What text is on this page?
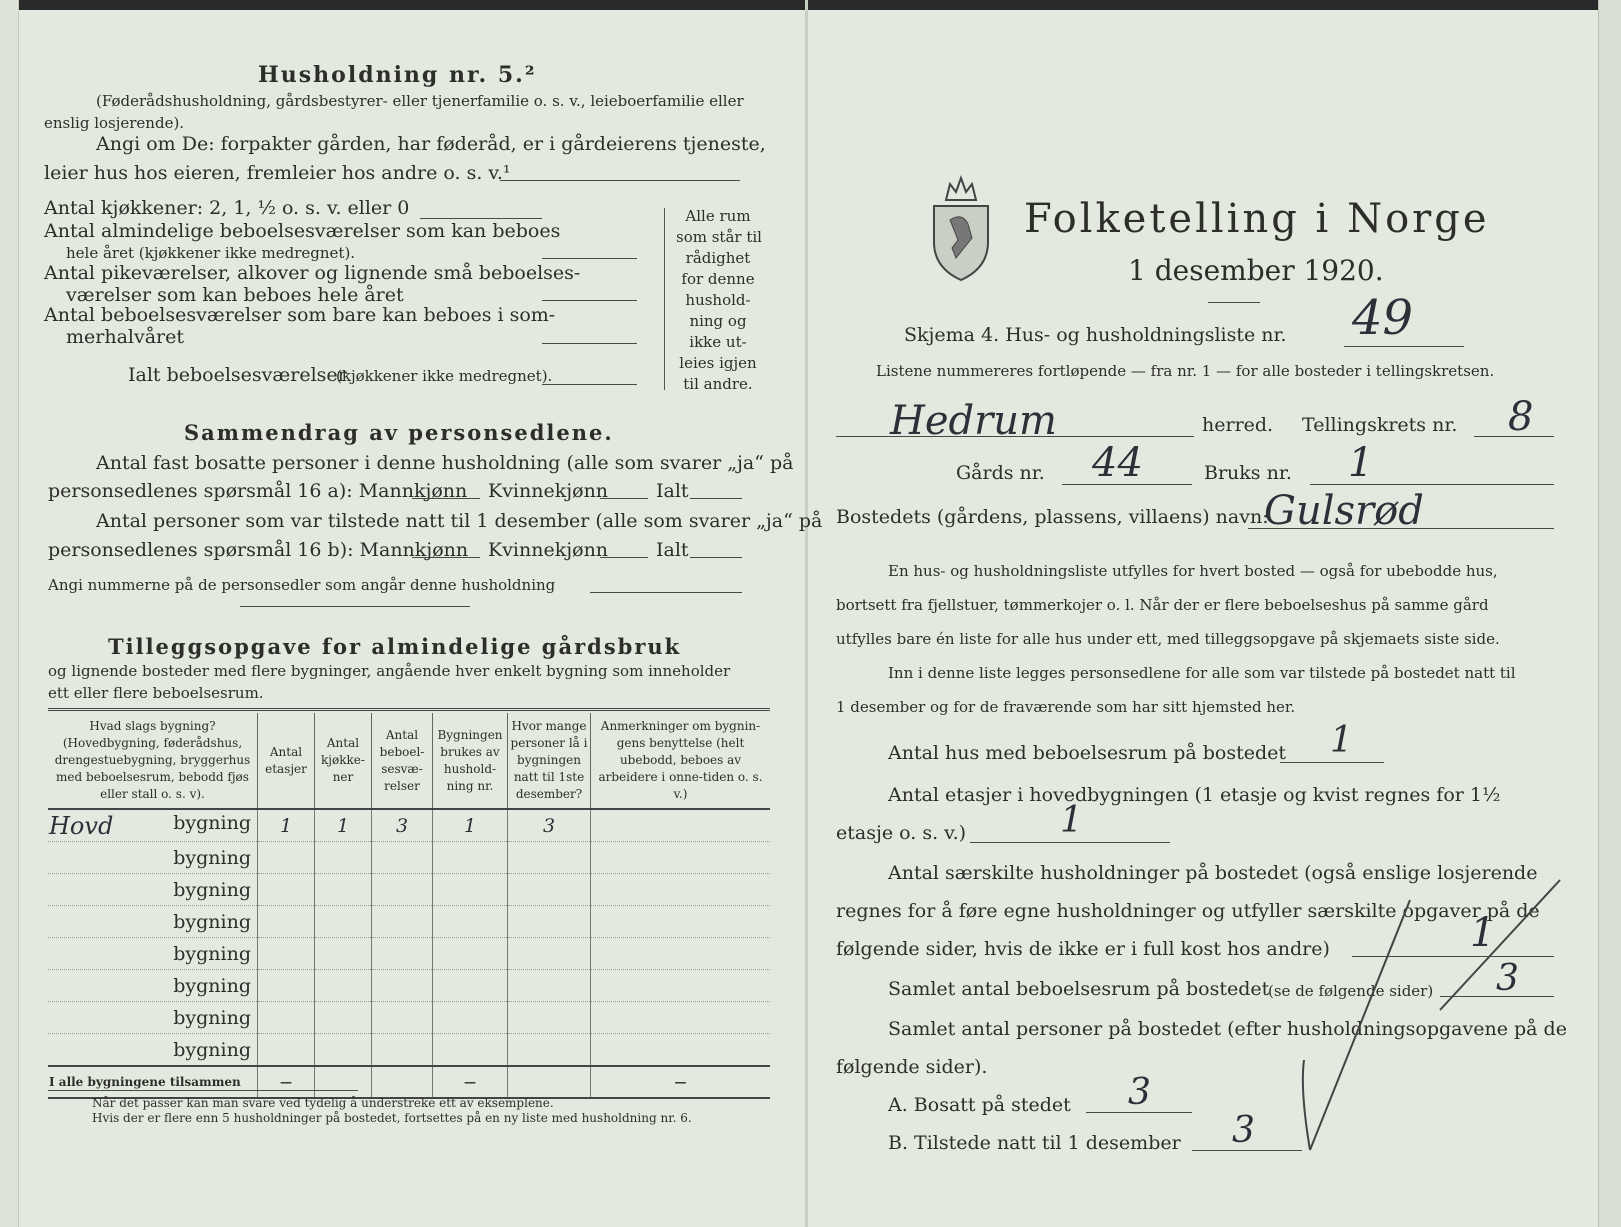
Husholdning nr. 5.²
(Føderådshusholdning, gårdsbestyrer- eller tjenerfamilie o. s. v., leieboerfamilie eller
enslig losjerende).
Angi om De: forpakter gården, har føderåd, er i gårdeierens tjeneste,
leier hus hos eieren, fremleier hos andre o. s. v.¹
Antal kjøkkener: 2, 1, ½ o. s. v. eller 0
Antal almindelige beboelsesværelser som kan beboes
hele året (kjøkkener ikke medregnet).
Antal pikeværelser, alkover og lignende små beboelses-
værelser som kan beboes hele året
Antal beboelsesværelser som bare kan beboes i som-
merhalvåret
Ialt beboelsesværelser
(kjøkkener ikke medregnet).
Alle rum
som står til
rådighet
for denne
hushold-
ning og
ikke ut-
leies igjen
til andre.
Sammendrag av personsedlene.
Antal fast bosatte personer i denne husholdning (alle som svarer „ja“ på
personsedlenes spørsmål 16 a): Mannkjønn Kvinnekjønn	Ialt
Antal personer som var tilstede natt til 1 desember (alle som svarer „ja“ på
personsedlenes spørsmål 16 b): Mannkjønn Kvinnekjønn	Ialt
Angi nummerne på de personsedler som angår denne husholdning
Tilleggsopgave for almindelige gårdsbruk
og lignende bosteder med flere bygninger, angående hver enkelt bygning som inneholder
ett eller flere beboelsesrum.
Hvad slags bygning? (Hovedbygning, føderådshus, drengestuebygning, bryggerhus med beboelsesrum, bebodd fjøs eller stall o. s. v).	Antal etasjer	Antal kjøkke-ner	Antal beboel-sesvæ-relser	Bygningen brukes av hushold-ning nr.	Hvor mange personer lå i bygningen natt til 1ste desember?	Anmerkninger om bygnin-gens benyttelse (helt ubebodd, beboes av arbeidere i onne-tiden o. s. v.)

Hovd bygning	1	1	3	1	3	
bygning						
bygning						
bygning						
bygning						
bygning						
bygning						
bygning						
I alle bygningene tilsammen	—			—		—
Når det passer kan man svare ved tydelig å understreke ett av eksemplene.
Hvis der er flere enn 5 husholdninger på bostedet, fortsettes på en ny liste med husholdning nr. 6.
Folketelling i Norge
1 desember 1920.
Skjema 4. Hus- og husholdningsliste nr. 49
Listene nummereres fortløpende — fra nr. 1 — for alle bosteder i tellingskretsen.
Hedrum	herred. Tellingskrets nr. 8
Gårds nr. 44	Bruks nr. 1
Bostedets (gårdens, plassens, villaens) navn:
Gulsrød
En hus- og husholdningsliste utfylles for hvert bosted — også for ubebodde hus,
bortsett fra fjellstuer, tømmerkojer o. l. Når der er flere beboelseshus på samme gård
utfylles bare én liste for alle hus under ett, med tilleggsopgave på skjemaets siste side.
Inn i denne liste legges personsedlene for alle som var tilstede på bostedet natt til
1 desember og for de fraværende som har sitt hjemsted her.
Antal hus med beboelsesrum på bostedet 1
Antal etasjer i hovedbygningen (1 etasje og kvist regnes for 1½
etasje o. s. v.)	1
Antal særskilte husholdninger på bostedet (også enslige losjerende
regnes for å føre egne husholdninger og utfyller særskilte opgaver på de
følgende sider, hvis de ikke er i full kost hos andre)	1
Samlet antal beboelsesrum på bostedet
(se de følgende sider) 3
Samlet antal personer på bostedet (efter husholdningsopgavene på de
følgende sider).
A. Bosatt på stedet 3
B. Tilstede natt til 1 desember 3
